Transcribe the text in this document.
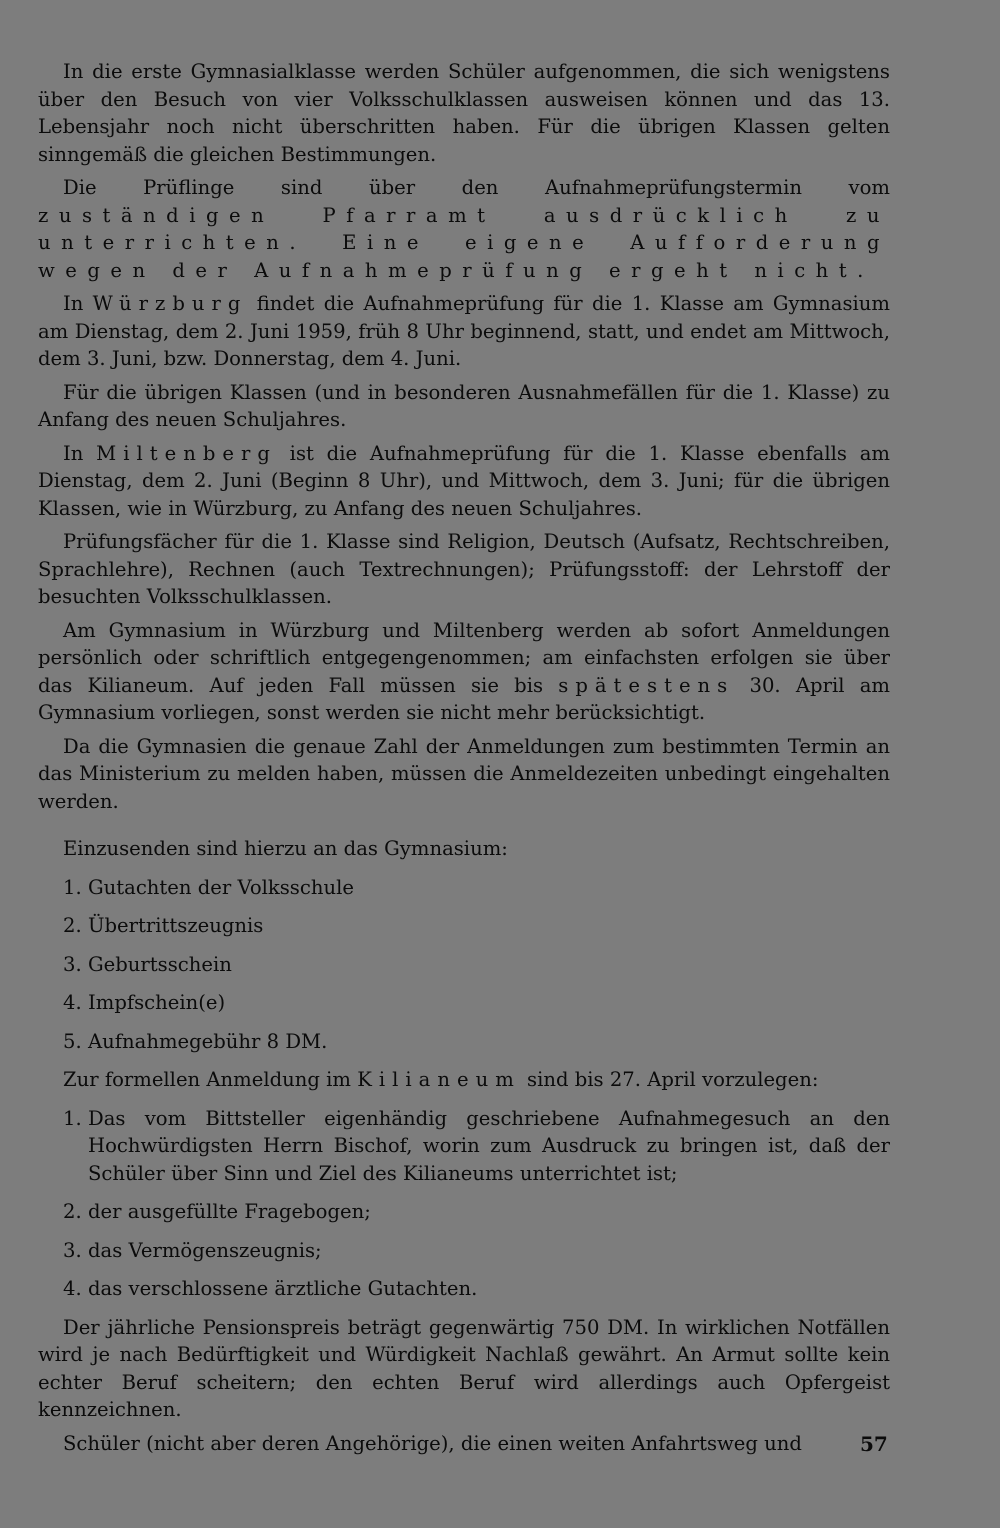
In die erste Gymnasialklasse werden Schüler aufgenommen, die sich wenigstens über den Besuch von vier Volksschulklassen ausweisen können und das 13. Lebensjahr noch nicht überschritten haben. Für die übrigen Klassen gelten sinngemäß die gleichen Bestimmungen.

Die Prüflinge sind über den Aufnahmeprüfungstermin vom zuständigen Pfarramt ausdrücklich zu unterrichten. Eine eigene Aufforderung wegen der Aufnahmeprüfung ergeht nicht.

In Würzburg findet die Aufnahmeprüfung für die 1. Klasse am Gymnasium am Dienstag, dem 2. Juni 1959, früh 8 Uhr beginnend, statt, und endet am Mittwoch, dem 3. Juni, bzw. Donnerstag, dem 4. Juni.

Für die übrigen Klassen (und in besonderen Ausnahmefällen für die 1. Klasse) zu Anfang des neuen Schuljahres.

In Miltenberg ist die Aufnahmeprüfung für die 1. Klasse ebenfalls am Dienstag, dem 2. Juni (Beginn 8 Uhr), und Mittwoch, dem 3. Juni; für die übrigen Klassen, wie in Würzburg, zu Anfang des neuen Schuljahres.

Prüfungsfächer für die 1. Klasse sind Religion, Deutsch (Aufsatz, Rechtschreiben, Sprachlehre), Rechnen (auch Textrechnungen); Prüfungsstoff: der Lehrstoff der besuchten Volksschulklassen.

Am Gymnasium in Würzburg und Miltenberg werden ab sofort Anmeldungen persönlich oder schriftlich entgegengenommen; am einfachsten erfolgen sie über das Kilianeum. Auf jeden Fall müssen sie bis spätestens 30. April am Gymnasium vorliegen, sonst werden sie nicht mehr berücksichtigt.

Da die Gymnasien die genaue Zahl der Anmeldungen zum bestimmten Termin an das Ministerium zu melden haben, müssen die Anmeldezeiten unbedingt eingehalten werden.

Einzusenden sind hierzu an das Gymnasium:

1. Gutachten der Volksschule
2. Übertrittszeugnis
3. Geburtsschein
4. Impfschein(e)
5. Aufnahmegebühr 8 DM.

Zur formellen Anmeldung im Kilianeum sind bis 27. April vorzulegen:

1. Das vom Bittsteller eigenhändig geschriebene Aufnahmegesuch an den Hochwürdigsten Herrn Bischof, worin zum Ausdruck zu bringen ist, daß der Schüler über Sinn und Ziel des Kilianeums unterrichtet ist;
2. der ausgefüllte Fragebogen;
3. das Vermögenszeugnis;
4. das verschlossene ärztliche Gutachten.

Der jährliche Pensionspreis beträgt gegenwärtig 750 DM. In wirklichen Notfällen wird je nach Bedürftigkeit und Würdigkeit Nachlaß gewährt. An Armut sollte kein echter Beruf scheitern; den echten Beruf wird allerdings auch Opfergeist kennzeichnen.

Schüler (nicht aber deren Angehörige), die einen weiten Anfahrtsweg und	57
